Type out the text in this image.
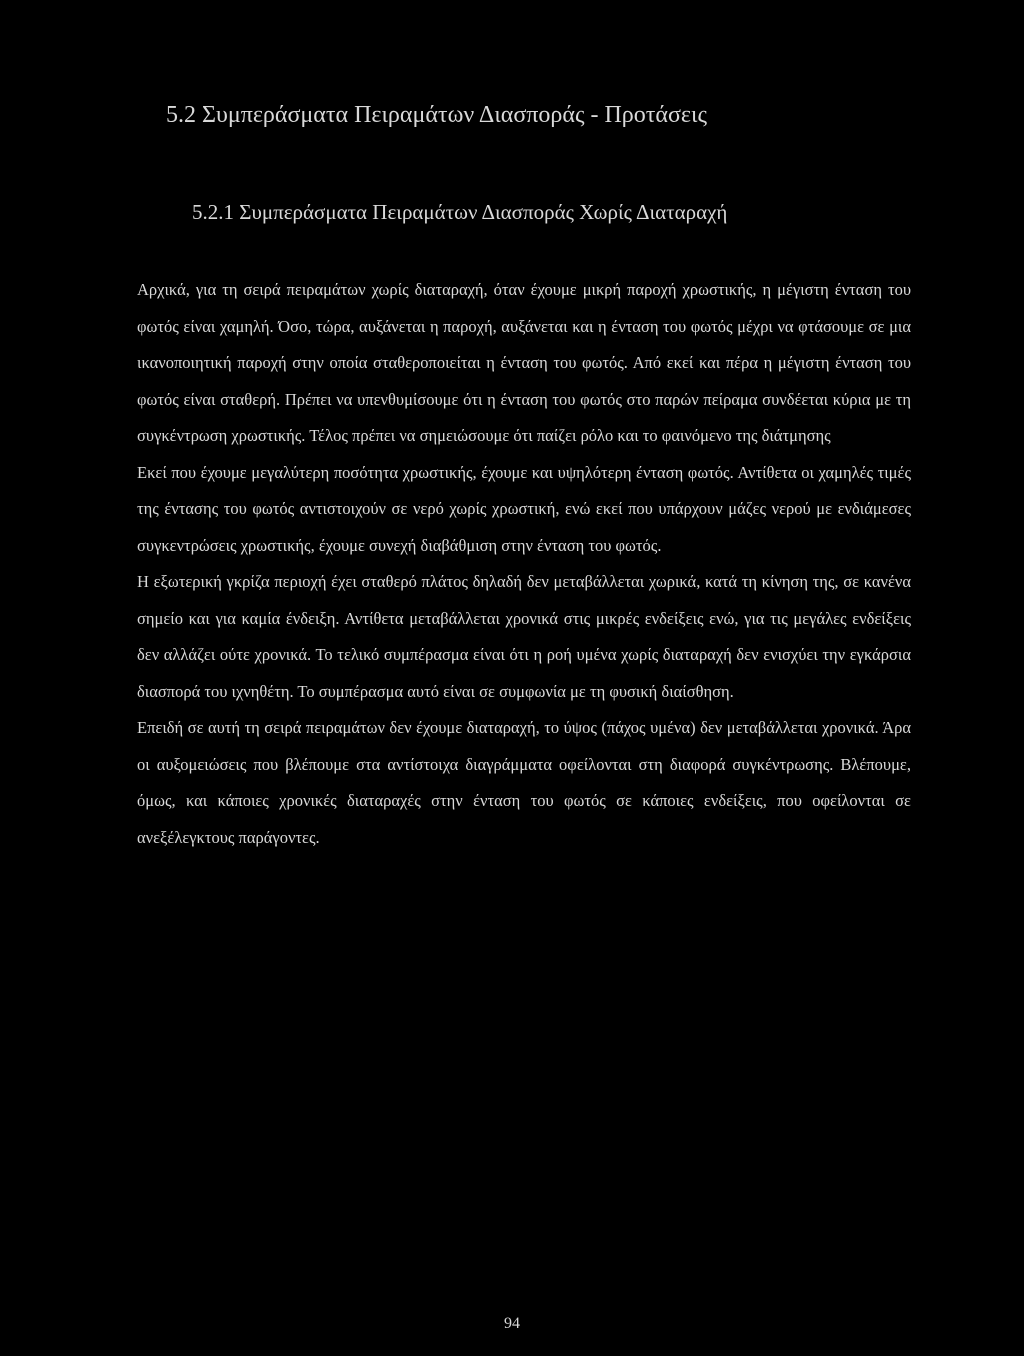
5.2 Συμπεράσματα Πειραμάτων Διασποράς - Προτάσεις
5.2.1 Συμπεράσματα Πειραμάτων Διασποράς Χωρίς Διαταραχή

Αρχικά, για τη σειρά πειραμάτων χωρίς διαταραχή, όταν έχουμε μικρή παροχή χρωστικής, η μέγιστη ένταση του φωτός είναι χαμηλή. Όσο, τώρα, αυξάνεται η παροχή, αυξάνεται και η ένταση του φωτός μέχρι να φτάσουμε σε μια ικανοποιητική παροχή στην οποία σταθεροποιείται η ένταση του φωτός. Από εκεί και πέρα η μέγιστη ένταση του φωτός είναι σταθερή. Πρέπει να υπενθυμίσουμε ότι η ένταση του φωτός στο παρών πείραμα συνδέεται κύρια με τη συγκέντρωση χρωστικής. Τέλος πρέπει να σημειώσουμε ότι παίζει ρόλο και το φαινόμενο της διάτμησης

Εκεί που έχουμε μεγαλύτερη ποσότητα χρωστικής, έχουμε και υψηλότερη ένταση φωτός. Αντίθετα οι χαμηλές τιμές της έντασης του φωτός αντιστοιχούν σε νερό χωρίς χρωστική, ενώ εκεί που υπάρχουν μάζες νερού με ενδιάμεσες συγκεντρώσεις χρωστικής, έχουμε συνεχή διαβάθμιση στην ένταση του φωτός.

Η εξωτερική γκρίζα περιοχή έχει σταθερό πλάτος δηλαδή δεν μεταβάλλεται χωρικά, κατά τη κίνηση της, σε κανένα σημείο και για καμία ένδειξη. Αντίθετα μεταβάλλεται χρονικά στις μικρές ενδείξεις ενώ, για τις μεγάλες ενδείξεις δεν αλλάζει ούτε χρονικά. Το τελικό συμπέρασμα είναι ότι η ροή υμένα χωρίς διαταραχή δεν ενισχύει την εγκάρσια διασπορά του ιχνηθέτη. Το συμπέρασμα αυτό είναι σε συμφωνία με τη φυσική διαίσθηση.

Επειδή σε αυτή τη σειρά πειραμάτων δεν έχουμε διαταραχή, το ύψος (πάχος υμένα) δεν μεταβάλλεται χρονικά. Άρα οι αυξομειώσεις που βλέπουμε στα αντίστοιχα διαγράμματα οφείλονται στη διαφορά συγκέντρωσης. Βλέπουμε, όμως, και κάποιες χρονικές διαταραχές στην ένταση του φωτός σε κάποιες ενδείξεις, που οφείλονται σε ανεξέλεγκτους παράγοντες.

94
